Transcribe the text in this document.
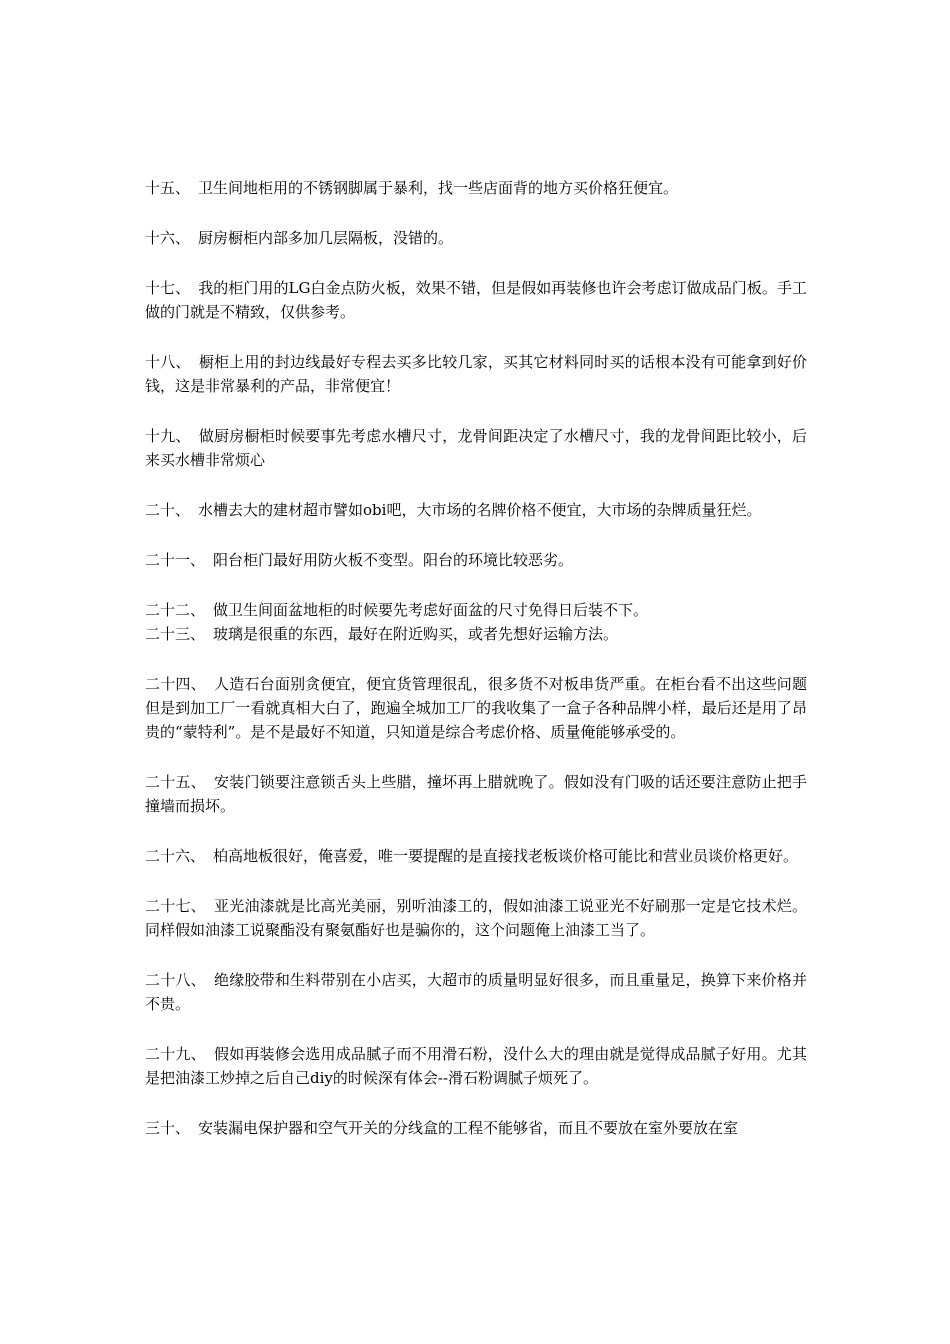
十五、 卫生间地柜用的不锈钢脚属于暴利，找一些店面背的地方买价格狂便宜。

十六、 厨房橱柜内部多加几层隔板，没错的。

十七、 我的柜门用的LG白金点防火板，效果不错，但是假如再装修也许会考虑订做成品门板。手工做的门就是不精致，仅供参考。

十八、 橱柜上用的封边线最好专程去买多比较几家，买其它材料同时买的话根本没有可能拿到好价钱，这是非常暴利的产品，非常便宜！

十九、 做厨房橱柜时候要事先考虑水槽尺寸，龙骨间距决定了水槽尺寸，我的龙骨间距比较小，后来买水槽非常烦心

二十、 水槽去大的建材超市譬如obi吧，大市场的名牌价格不便宜，大市场的杂牌质量狂烂。

二十一、 阳台柜门最好用防火板不变型。阳台的环境比较恶劣。

二十二、 做卫生间面盆地柜的时候要先考虑好面盆的尺寸免得日后装不下。

二十三、 玻璃是很重的东西，最好在附近购买，或者先想好运输方法。

二十四、 人造石台面别贪便宜，便宜货管理很乱，很多货不对板串货严重。在柜台看不出这些问题但是到加工厂一看就真相大白了，跑遍全城加工厂的我收集了一盒子各种品牌小样，最后还是用了昂贵的“蒙特利”。是不是最好不知道，只知道是综合考虑价格、质量俺能够承受的。

二十五、 安装门锁要注意锁舌头上些腊，撞坏再上腊就晚了。假如没有门吸的话还要注意防止把手撞墙而损坏。

二十六、 柏高地板很好，俺喜爱，唯一要提醒的是直接找老板谈价格可能比和营业员谈价格更好。

二十七、 亚光油漆就是比高光美丽，别听油漆工的，假如油漆工说亚光不好刷那一定是它技术烂。同样假如油漆工说聚酯没有聚氨酯好也是骗你的，这个问题俺上油漆工当了。

二十八、 绝缘胶带和生料带别在小店买，大超市的质量明显好很多，而且重量足，换算下来价格并不贵。

二十九、 假如再装修会选用成品腻子而不用滑石粉，没什么大的理由就是觉得成品腻子好用。尤其是把油漆工炒掉之后自己diy的时候深有体会--滑石粉调腻子烦死了。

三十、 安装漏电保护器和空气开关的分线盒的工程不能够省，而且不要放在室外要放在室
